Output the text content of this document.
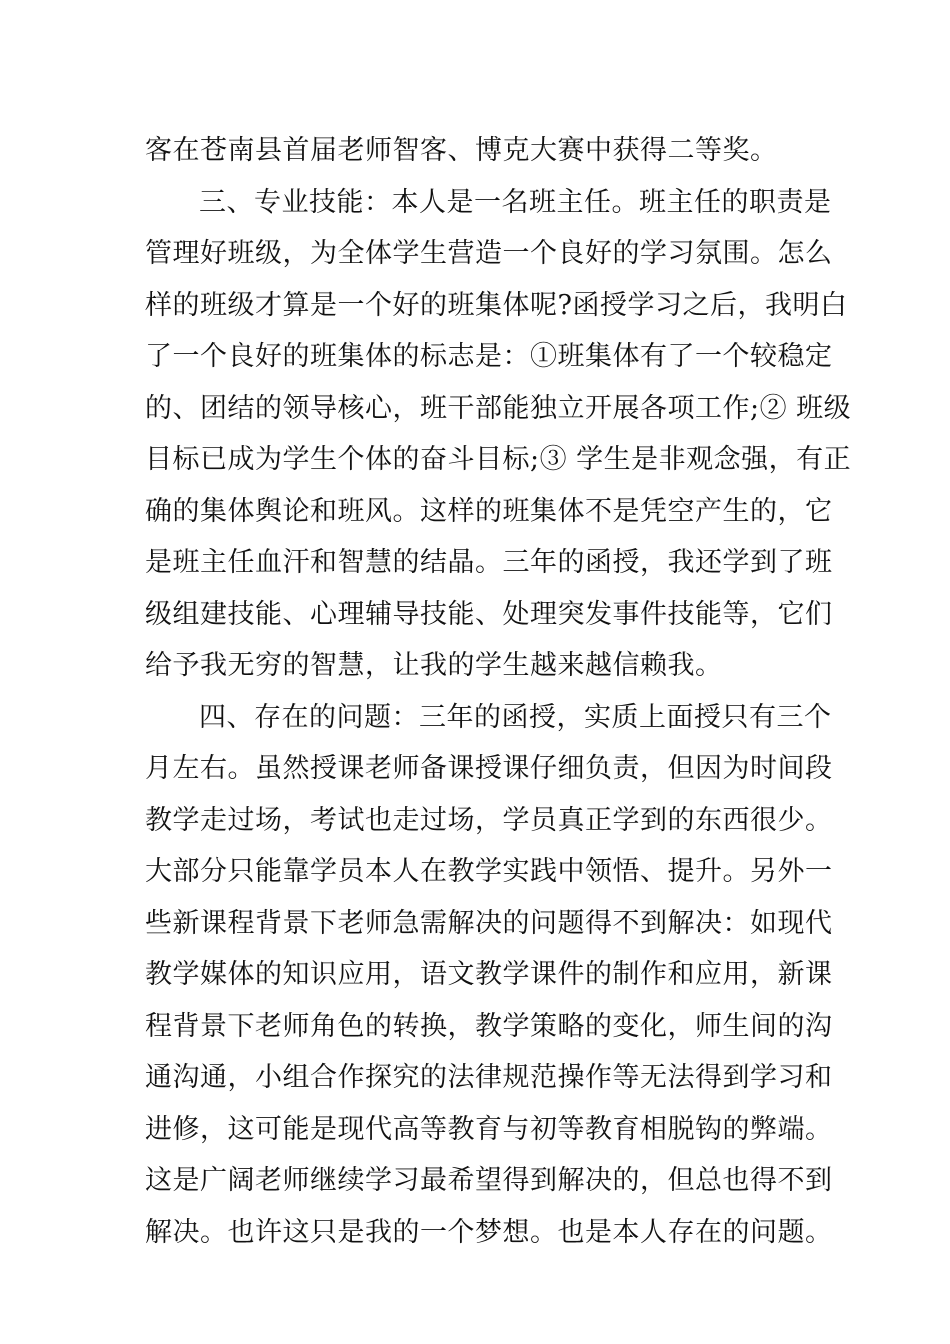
客在苍南县首届老师智客、博克大赛中获得二等奖。
三、专业技能：本人是一名班主任。班主任的职责是
管理好班级，为全体学生营造一个良好的学习氛围。怎么
样的班级才算是一个好的班集体呢?函授学习之后，我明白
了一个良好的班集体的标志是：①班集体有了一个较稳定
的、团结的领导核心，班干部能独立开展各项工作;② 班级
目标已成为学生个体的奋斗目标;③ 学生是非观念强，有正
确的集体舆论和班风。这样的班集体不是凭空产生的，它
是班主任血汗和智慧的结晶。三年的函授，我还学到了班
级组建技能、心理辅导技能、处理突发事件技能等，它们
给予我无穷的智慧，让我的学生越来越信赖我。
四、存在的问题：三年的函授，实质上面授只有三个
月左右。虽然授课老师备课授课仔细负责，但因为时间段
教学走过场，考试也走过场，学员真正学到的东西很少。
大部分只能靠学员本人在教学实践中领悟、提升。另外一
些新课程背景下老师急需解决的问题得不到解决：如现代
教学媒体的知识应用，语文教学课件的制作和应用，新课
程背景下老师角色的转换，教学策略的变化，师生间的沟
通沟通，小组合作探究的法律规范操作等无法得到学习和
进修，这可能是现代高等教育与初等教育相脱钩的弊端。
这是广阔老师继续学习最希望得到解决的，但总也得不到
解决。也许这只是我的一个梦想。也是本人存在的问题。
